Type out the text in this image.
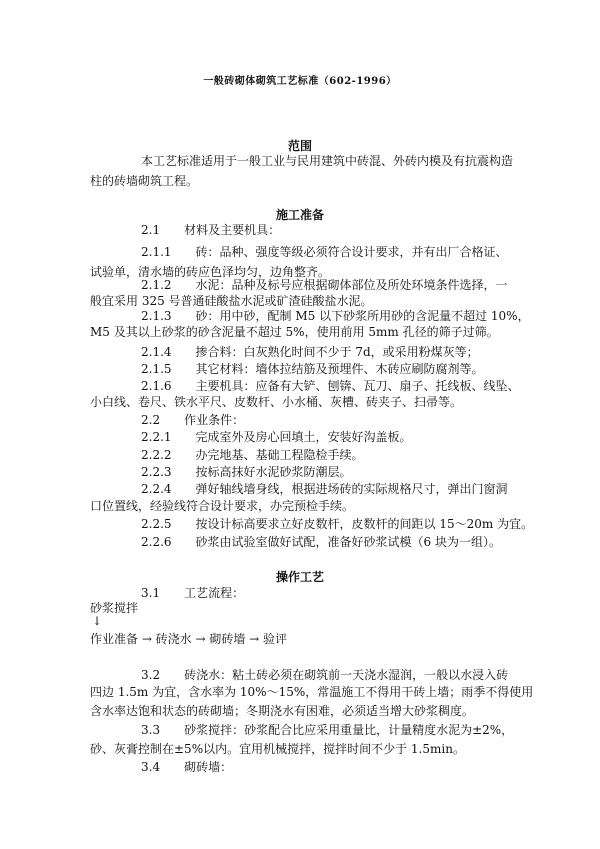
一般砖砌体砌筑工艺标准（602-1996）
范围
本工艺标准适用于一般工业与民用建筑中砖混、外砖内模及有抗震构造
柱的砖墙砌筑工程。
施工准备
2.1　　材料及主要机具：
2.1.1　　砖：品种、强度等级必须符合设计要求，并有出厂合格证、
试验单，清水墙的砖应色泽均匀，边角整齐。
2.1.2　　水泥：品种及标号应根据砌体部位及所处环境条件选择，一
般宜采用 325 号普通硅酸盐水泥或矿渣硅酸盐水泥。
2.1.3　　砂：用中砂，配制 M5 以下砂浆所用砂的含泥量不超过 10%，
M5 及其以上砂浆的砂含泥量不超过 5%，使用前用 5mm 孔径的筛子过筛。
2.1.4　　掺合料：白灰熟化时间不少于 7d，或采用粉煤灰等；
2.1.5　　其它材料：墙体拉结筋及预埋件、木砖应刷防腐剂等。
2.1.6　　主要机具：应备有大铲、刨锛、瓦刀、扇子、托线板、线坠、
小白线、卷尺、铁水平尺、皮数杆、小水桶、灰槽、砖夹子、扫帚等。
2.2　　作业条件：
2.2.1　　完成室外及房心回填土，安装好沟盖板。
2.2.2　　办完地基、基础工程隐检手续。
2.2.3　　按标高抹好水泥砂浆防潮层。
2.2.4　　弹好轴线墙身线，根据进场砖的实际规格尺寸，弹出门窗洞
口位置线，经验线符合设计要求，办完预检手续。
2.2.5　　按设计标高要求立好皮数杆，皮数杆的间距以 15～20m 为宜。
2.2.6　　砂浆由试验室做好试配，准备好砂浆试模（6 块为一组）。
操作工艺
3.1　　工艺流程：
砂浆搅拌
↓
作业准备 → 砖浇水 → 砌砖墙 → 验评
3.2　　砖浇水：粘土砖必须在砌筑前一天浇水湿润，一般以水浸入砖
四边 1.5m 为宜，含水率为 10%～15%，常温施工不得用干砖上墙；雨季不得使用
含水率达饱和状态的砖砌墙；冬期浇水有困难，必须适当增大砂浆稠度。
3.3　　砂浆搅拌：砂浆配合比应采用重量比，计量精度水泥为±2%，
砂、灰膏控制在±5%以内。宜用机械搅拌，搅拌时间不少于 1.5min。
3.4　　砌砖墙：
